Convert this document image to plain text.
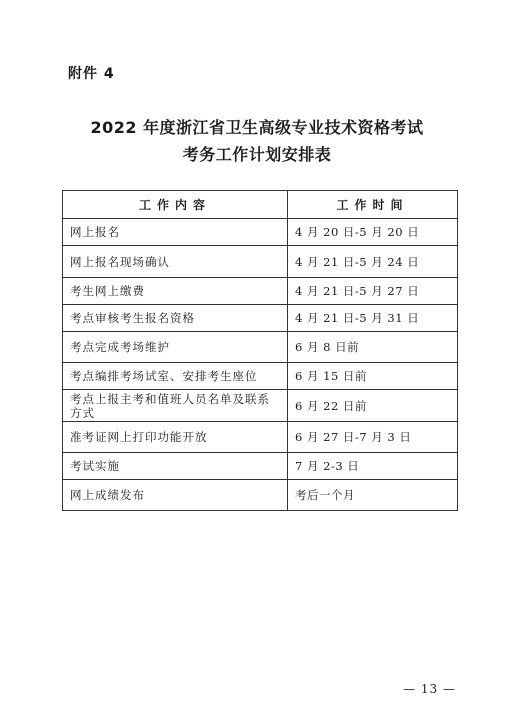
附件 4
2022 年度浙江省卫生高级专业技术资格考试
考务工作计划安排表
工作内容	工作时间
网上报名	4 月 20 日-5 月 20 日
网上报名现场确认	4 月 21 日-5 月 24 日
考生网上缴费	4 月 21 日-5 月 27 日
考点审核考生报名资格	4 月 21 日-5 月 31 日
考点完成考场维护	6 月 8 日前
考点编排考场试室、安排考生座位	6 月 15 日前
考点上报主考和值班人员名单及联系方式	6 月 22 日前
准考证网上打印功能开放	6 月 27 日-7 月 3 日
考试实施	7 月 2-3 日
网上成绩发布	考后一个月
— 13 —
